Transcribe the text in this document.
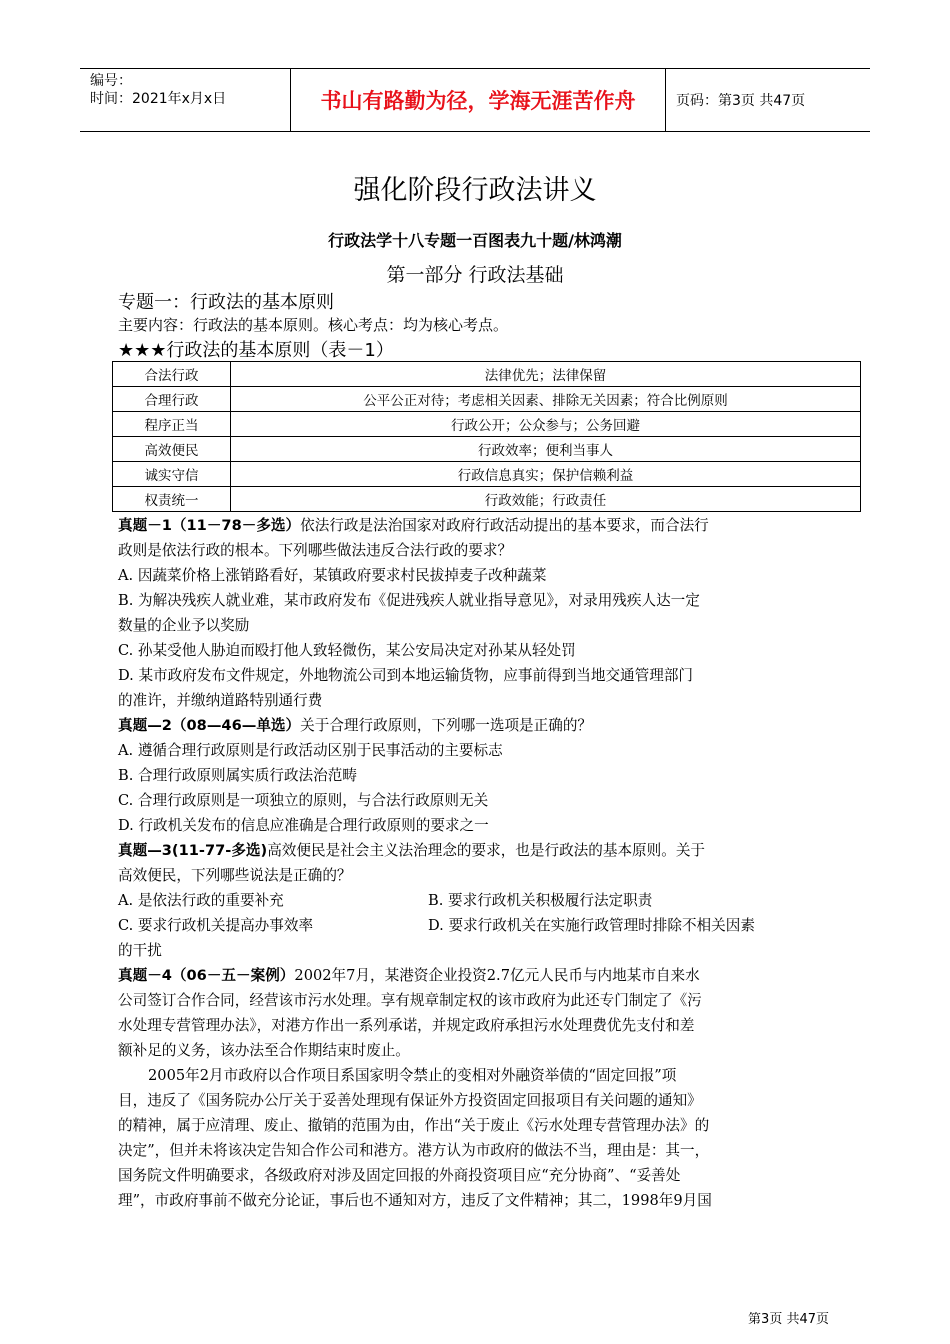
编号：
时间：2021年x月x日	书山有路勤为径，学海无涯苦作舟	页码：第3页 共47页
强化阶段行政法讲义
行政法学十八专题一百图表九十题/林鸿潮
第一部分 行政法基础
专题一：行政法的基本原则
主要内容：行政法的基本原则。核心考点：均为核心考点。
★★★行政法的基本原则（表－1）
合法行政	法律优先；法律保留
合理行政	公平公正对待；考虑相关因素、排除无关因素；符合比例原则
程序正当	行政公开；公众参与；公务回避
高效便民	行政效率；便利当事人
诚实守信	行政信息真实；保护信赖利益
权责统一	行政效能；行政责任

真题－1（11－78－多选）依法行政是法治国家对政府行政活动提出的基本要求，而合法行

政则是依法行政的根本。下列哪些做法违反合法行政的要求？

A. 因蔬菜价格上涨销路看好，某镇政府要求村民拔掉麦子改种蔬菜

B. 为解决残疾人就业难，某市政府发布《促进残疾人就业指导意见》，对录用残疾人达一定

数量的企业予以奖励

C. 孙某受他人胁迫而殴打他人致轻微伤，某公安局决定对孙某从轻处罚

D. 某市政府发布文件规定，外地物流公司到本地运输货物，应事前得到当地交通管理部门

的准许，并缴纳道路特别通行费

真题—2（08—46—单选）关于合理行政原则，下列哪一选项是正确的？

A. 遵循合理行政原则是行政活动区别于民事活动的主要标志

B. 合理行政原则属实质行政法治范畴

C. 合理行政原则是一项独立的原则，与合法行政原则无关

D. 行政机关发布的信息应准确是合理行政原则的要求之一

真题—3(11-77-多选)高效便民是社会主义法治理念的要求，也是行政法的基本原则。关于

高效便民，下列哪些说法是正确的？

A. 是依法行政的重要补充	B. 要求行政机关积极履行法定职责
C. 要求行政机关提高办事效率	D. 要求行政机关在实施行政管理时排除不相关因素

的干扰

真题－4（06－五－案例）2002年7月，某港资企业投资2.7亿元人民币与内地某市自来水

公司签订合作合同，经营该市污水处理。享有规章制定权的该市政府为此还专门制定了《污

水处理专营管理办法》，对港方作出一系列承诺，并规定政府承担污水处理费优先支付和差

额补足的义务，该办法至合作期结束时废止。

2005年2月市政府以合作项目系国家明令禁止的变相对外融资举债的“固定回报”项

目，违反了《国务院办公厅关于妥善处理现有保证外方投资固定回报项目有关问题的通知》

的精神，属于应清理、废止、撤销的范围为由，作出“关于废止《污水处理专营管理办法》的

决定”，但并未将该决定告知合作公司和港方。港方认为市政府的做法不当，理由是：其一，

国务院文件明确要求，各级政府对涉及固定回报的外商投资项目应“充分协商”、“妥善处

理”，市政府事前不做充分论证，事后也不通知对方，违反了文件精神；其二，1998年9月国

第3页 共47页
